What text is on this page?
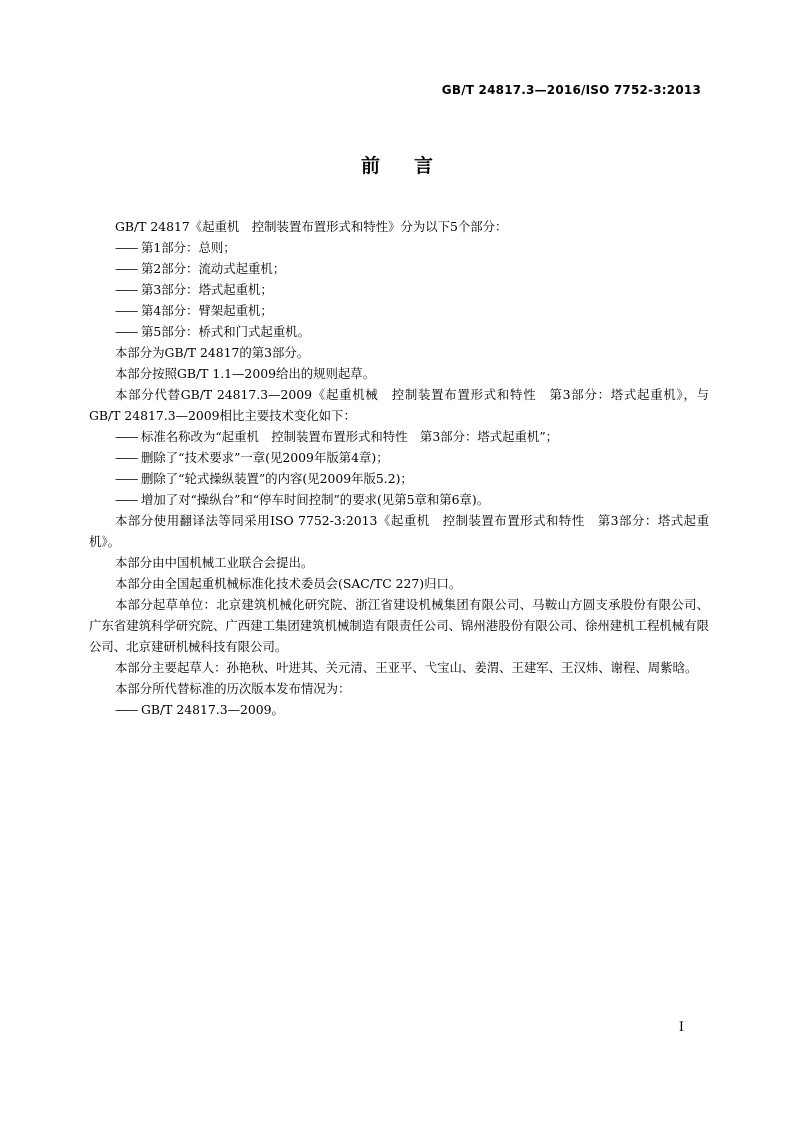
GB/T 24817.3—2016/ISO 7752-3:2013
前言

GB/T 24817《起重机　控制装置布置形式和特性》分为以下5个部分：

—— 第1部分：总则；

—— 第2部分：流动式起重机；

—— 第3部分：塔式起重机；

—— 第4部分：臂架起重机；

—— 第5部分：桥式和门式起重机。

本部分为GB/T 24817的第3部分。

本部分按照GB/T 1.1—2009给出的规则起草。

本部分代替GB/T 24817.3—2009《起重机械　控制装置布置形式和特性　第3部分：塔式起重机》，与GB/T 24817.3—2009相比主要技术变化如下：

—— 标准名称改为“起重机　控制装置布置形式和特性　第3部分：塔式起重机”；

—— 删除了“技术要求”一章(见2009年版第4章)；

—— 删除了“轮式操纵装置”的内容(见2009年版5.2)；

—— 增加了对“操纵台”和“停车时间控制”的要求(见第5章和第6章)。

本部分使用翻译法等同采用ISO 7752-3:2013《起重机　控制装置布置形式和特性　第3部分：塔式起重机》。

本部分由中国机械工业联合会提出。

本部分由全国起重机械标准化技术委员会(SAC/TC 227)归口。

本部分起草单位：北京建筑机械化研究院、浙江省建设机械集团有限公司、马鞍山方圆支承股份有限公司、广东省建筑科学研究院、广西建工集团建筑机械制造有限责任公司、锦州港股份有限公司、徐州建机工程机械有限公司、北京建研机械科技有限公司。

本部分主要起草人：孙艳秋、叶进其、关元清、王亚平、弋宝山、姜渭、王建军、王汉炜、谢程、周紫晗。

本部分所代替标准的历次版本发布情况为：

—— GB/T 24817.3—2009。

I
